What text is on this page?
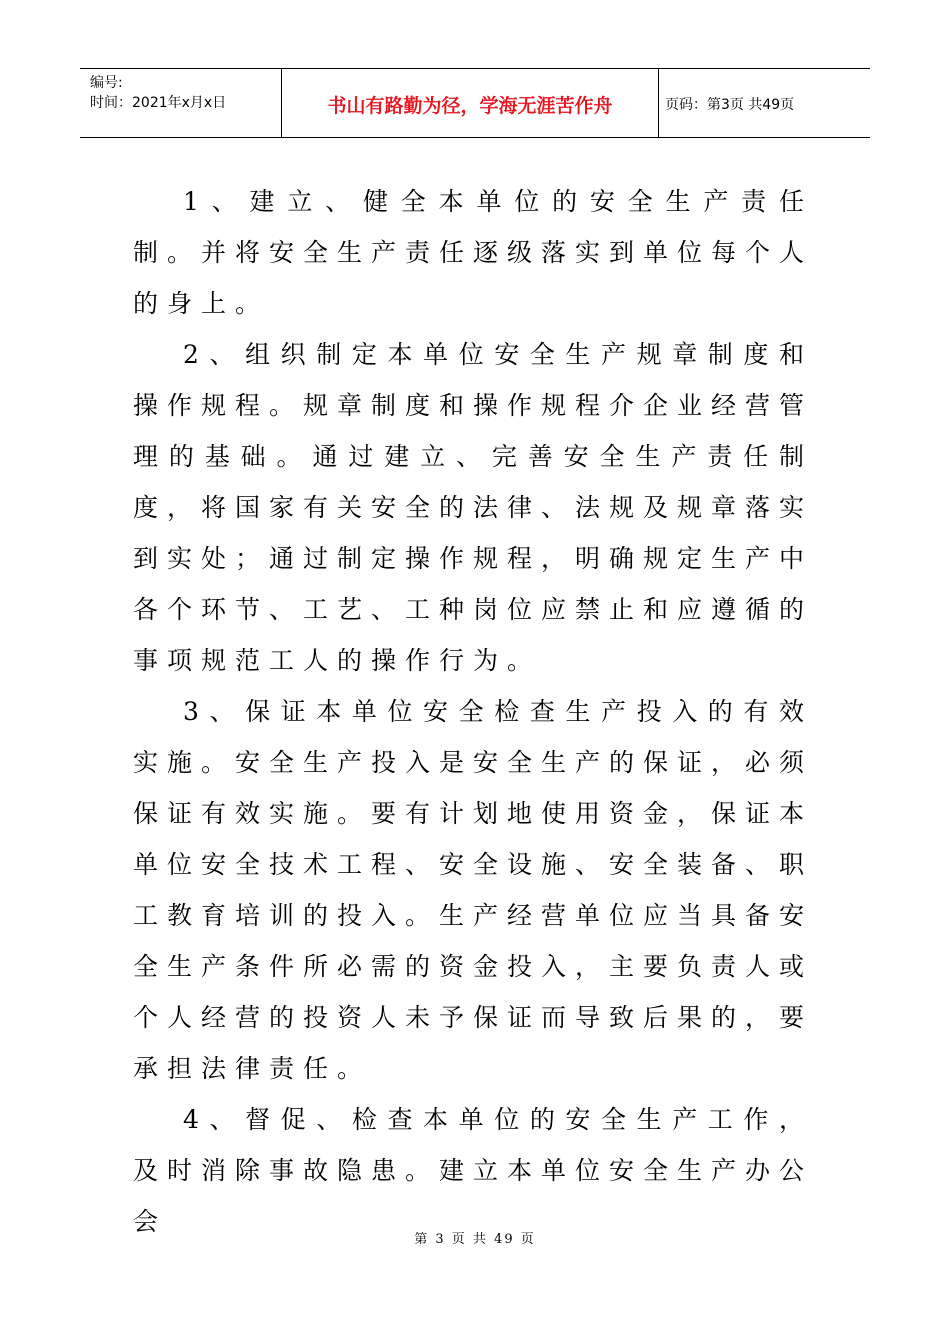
编号:
时间：2021年x月x日	书山有路勤为径，学海无涯苦作舟	页码：第3页 共49页

1、建立、健全本单位的安全生产责任制。并将安全生产责任逐级落实到单位每个人的身上。

2、组织制定本单位安全生产规章制度和操作规程。规章制度和操作规程介企业经营管理的基础。通过建立、完善安全生产责任制度，将国家有关安全的法律、法规及规章落实到实处；通过制定操作规程，明确规定生产中各个环节、工艺、工种岗位应禁止和应遵循的事项规范工人的操作行为。

3、保证本单位安全检查生产投入的有效实施。安全生产投入是安全生产的保证，必须保证有效实施。要有计划地使用资金，保证本单位安全技术工程、安全设施、安全装备、职工教育培训的投入。生产经营单位应当具备安全生产条件所必需的资金投入，主要负责人或个人经营的投资人未予保证而导致后果的，要承担法律责任。

4、督促、检查本单位的安全生产工作，及时消除事故隐患。建立本单位安全生产办公会

第 3 页 共 49 页
